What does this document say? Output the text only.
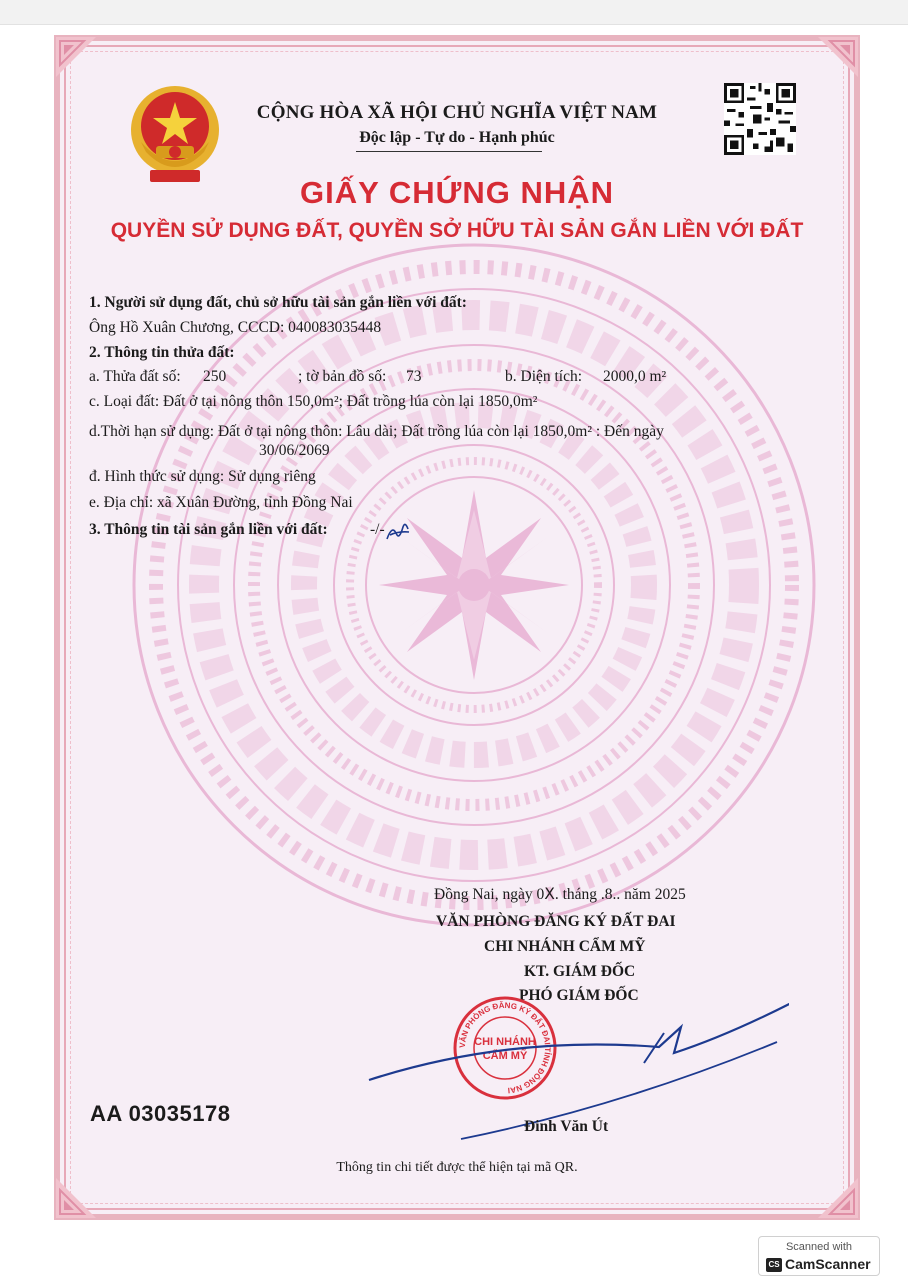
CỘNG HÒA XÃ HỘI CHỦ NGHĨA VIỆT NAM
Độc lập - Tự do - Hạnh phúc
GIẤY CHỨNG NHẬN
QUYỀN SỬ DỤNG ĐẤT, QUYỀN SỞ HỮU TÀI SẢN GẮN LIỀN VỚI ĐẤT
1. Người sử dụng đất, chủ sở hữu tài sản gắn liền với đất:
Ông Hồ Xuân Chương, CCCD: 040083035448
2. Thông tin thửa đất:
a. Thửa đất số: 250	; tờ bản đồ số: 73	b. Diện tích: 2000,0 m²
c. Loại đất: Đất ở tại nông thôn 150,0m²; Đất trồng lúa còn lại 1850,0m²
d.Thời hạn sử dụng: Đất ở tại nông thôn: Lâu dài; Đất trồng lúa còn lại 1850,0m² : Đến ngày
30/06/2069
đ. Hình thức sử dụng: Sử dụng riêng
e. Địa chỉ: xã Xuân Đường, tỉnh Đồng Nai
3. Thông tin tài sản gắn liền với đất:	-/-
Đồng Nai, ngày 0Ⅹ. tháng .8.. năm 2025
VĂN PHÒNG ĐĂNG KÝ ĐẤT ĐAI
CHI NHÁNH CẨM MỸ
KT. GIÁM ĐỐC
PHÓ GIÁM ĐỐC
VĂN PHÒNG ĐĂNG KÝ ĐẤT ĐAI TỈNH ĐỒNG NAI
CHI NHÁNH
CẨM MỸ
Đinh Văn Út
AA 03035178
Thông tin chi tiết được thể hiện tại mã QR.
Scanned with
CS CamScanner
